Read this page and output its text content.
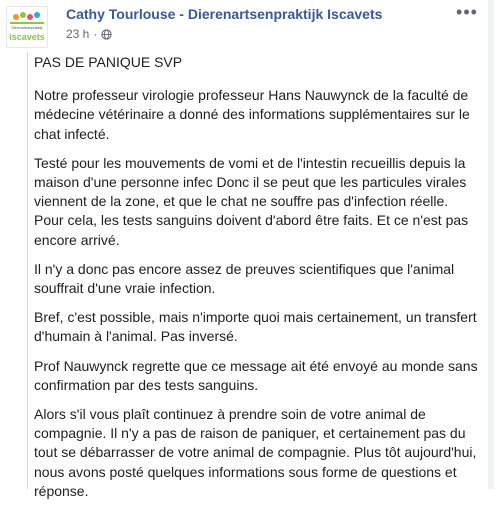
Dierenartsenpraktijk
iscavets
Cathy Tourlouse - Dierenartsenpraktijk Iscavets
23 h ·
•••

PAS DE PANIQUE SVP

Notre professeur virologie professeur Hans Nauwynck de la faculté de médecine vétérinaire a donné des informations supplémentaires sur le chat infecté.

Testé pour les mouvements de vomi et de l'intestin recueillis depuis la maison d'une personne infec Donc il se peut que les particules virales viennent de la zone, et que le chat ne souffre pas d'infection réelle. Pour cela, les tests sanguins doivent d'abord être faits. Et ce n'est pas encore arrivé.

Il n'y a donc pas encore assez de preuves scientifiques que l'animal souffrait d'une vraie infection.

Bref, c'est possible, mais n'importe quoi mais certainement, un transfert d'humain à l'animal. Pas inversé.

Prof Nauwynck regrette que ce message ait été envoyé au monde sans confirmation par des tests sanguins.

Alors s'il vous plaît continuez à prendre soin de votre animal de compagnie. Il n'y a pas de raison de paniquer, et certainement pas du tout se débarrasser de votre animal de compagnie. Plus tôt aujourd'hui, nous avons posté quelques informations sous forme de questions et réponse.
